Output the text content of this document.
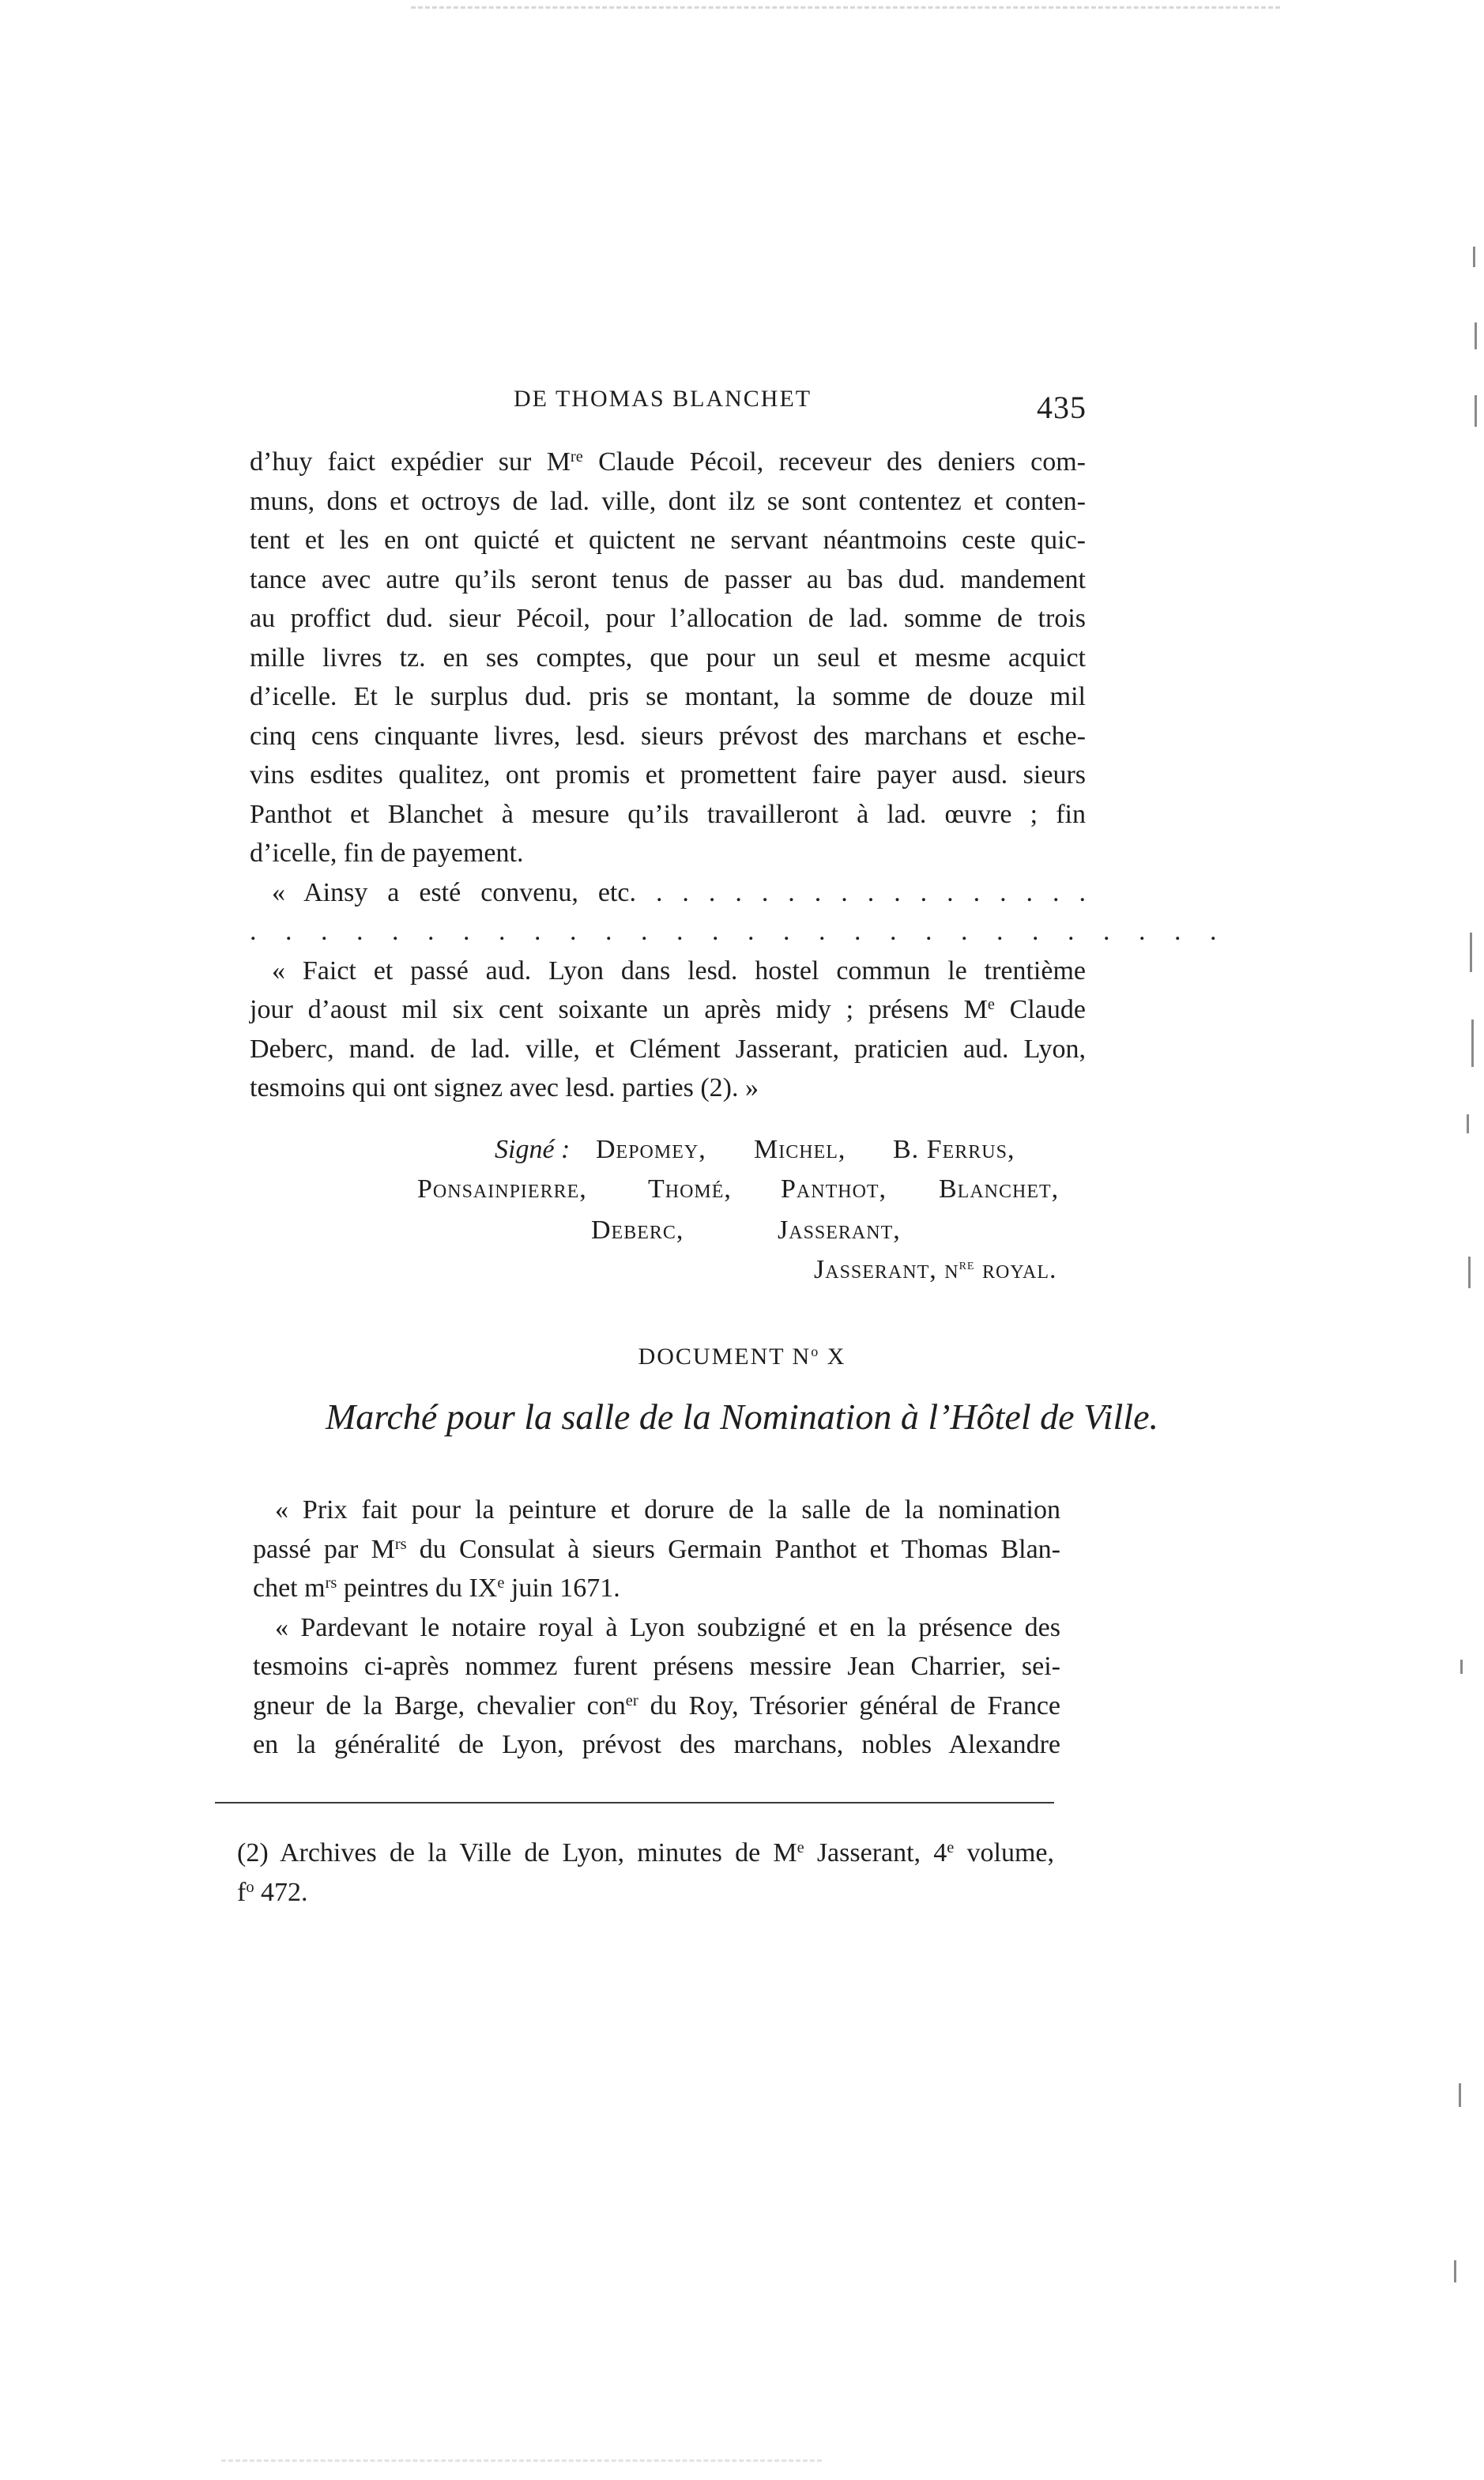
DE THOMAS BLANCHET	435
d’huy faict expédier sur Mre Claude Pécoil, receveur des deniers com-
muns, dons et octroys de lad. ville, dont ilz se sont contentez et conten-
tent et les en ont quicté et quictent ne servant néantmoins ceste quic-
tance avec autre qu’ils seront tenus de passer au bas dud. mandement
au proffict dud. sieur Pécoil, pour l’allocation de lad. somme de trois
mille livres tz. en ses comptes, que pour un seul et mesme acquict
d’icelle. Et le surplus dud. pris se montant, la somme de douze mil
cinq cens cinquante livres, lesd. sieurs prévost des marchans et esche-
vins esdites qualitez, ont promis et promettent faire payer ausd. sieurs
Panthot et Blanchet à mesure qu’ils travailleront à lad. œuvre ; fin
d’icelle, fin de payement.
« Ainsy a esté convenu, etc. . . . . . . . . . . . . . . . . .
. . . . . . . . . . . . . . . . . . . . . . . . . . . .
« Faict et passé aud. Lyon dans lesd. hostel commun le trentième
jour d’aoust mil six cent soixante un après midy ; présens Me Claude
Deberc, mand. de lad. ville, et Clément Jasserant, praticien aud. Lyon,
tesmoins qui ont signez avec lesd. parties (2). »
Signé : Depomey, Michel, B. Ferrus,
Ponsainpierre, Thomé, Panthot, Blanchet,
Deberc,	Jasserant,
Jasserant, $n^{re}$ royal.
DOCUMENT $N^o$ X
Marché pour la salle de la Nomination à l’Hôtel de Ville.
« Prix fait pour la peinture et dorure de la salle de la nomination
passé par $M^{rs}$ du Consulat à sieurs Germain Panthot et Thomas Blan-
chet $m^{rs}$ peintres du IXe juin 1671.
« Pardevant le notaire royal à Lyon soubzigné et en la présence des
tesmoins ci-après nommez furent présens messire Jean Charrier, sei-
gneur de la Barge, chevalier con$^{er}$ du Roy, Trésorier général de France
en la généralité de Lyon, prévost des marchans, nobles Alexandre
(2) Archives de la Ville de Lyon, minutes de Me Jasserant, 4e volume,
$f^o$ 472.
